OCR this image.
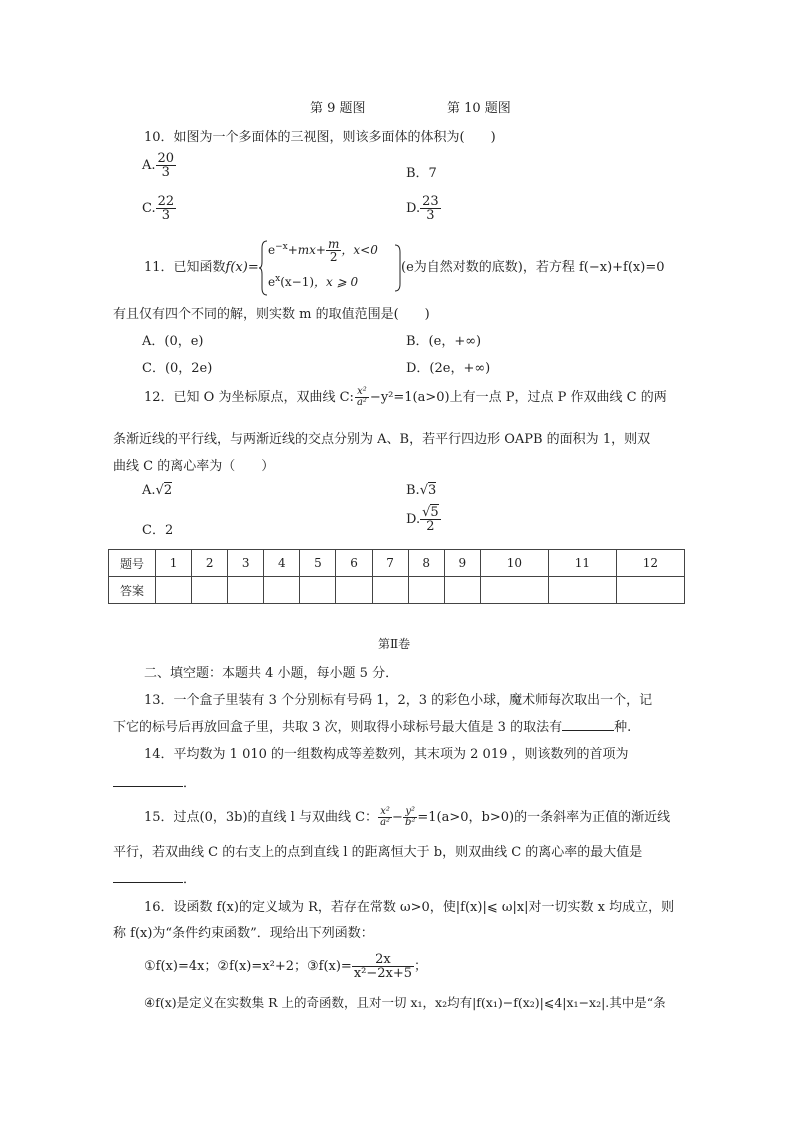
第 9 题图	第 10 题图
10．如图为一个多面体的三视图，则该多面体的体积为(　　)
A. $\frac{20}{3}$	B．7
C. $\frac{22}{3}$	D. $\frac{23}{3}$
11．已知函数f(x)=
$e^{-x}+mx+ \frac{m}{2}$ ，x<0
$e^x(x-1)$，x ⩾ 0
(e为自然对数的底数)，若方程 f(−x)+f(x)=0
有且仅有四个不同的解，则实数 m 的取值范围是(　　)
A．(0，e)	B．(e，+∞)
C．(0，2e)	D．(2e，+∞)
12．已知 O 为坐标原点，双曲线 C: $\frac{\text{x²}}{\text{a²}} -y^2=1(a>0)$上有一点 P，过点 P 作双曲线 C 的两
条渐近线的平行线，与两渐近线的交点分别为 A、B，若平行四边形 OAPB 的面积为 1，则双
曲线 C 的离心率为（　　）
A.√2	B.√3
C．2
D. $\frac{√5}{2}$
题号	1	2	3	4	5	6	7	8	9	10	11	12
答案												
第Ⅱ卷
二、填空题：本题共 4 小题，每小题 5 分．
13．一个盒子里装有 3 个分别标有号码 1，2，3 的彩色小球，魔术师每次取出一个，记
下它的标号后再放回盒子里，共取 3 次，则取得小球标号最大值是 3 的取法有	种.
14．平均数为 1 010 的一组数构成等差数列，其末项为 2 019 ，则该数列的首项为
．
15．过点(0，3b)的直线 l 与双曲线 C： $\frac{\text{x²}}{\text{a²}} - \frac{\text{y²}}{\text{b²}} =1(a>0$，b>0)的一条斜率为正值的渐近线
平行，若双曲线 C 的右支上的点到直线 l 的距离恒大于 b，则双曲线 C 的离心率的最大值是
．
16．设函数 f(x)的定义域为 R，若存在常数 ω>0，使|f(x)|⩽ ω|x|对一切实数 x 均成立，则
称 f(x)为“条件约束函数”．现给出下列函数：
①f(x)=4x；②f(x)=x²+2；③f(x)= $\frac{2x}{\text{x²−2x+5}}$ ；
④f(x)是定义在实数集 R 上的奇函数，且对一切 x₁，x₂均有|f(x₁)−f(x₂)|⩽4|x₁−x₂|.其中是“条
